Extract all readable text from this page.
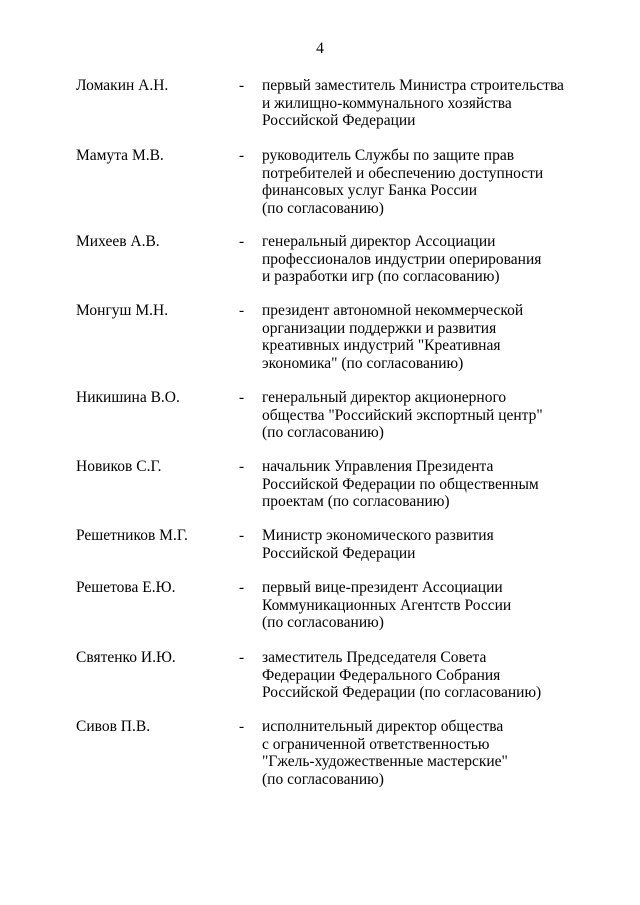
4
Ломакин А.Н.	- первый заместитель Министра строительства
и жилищно-коммунального хозяйства
Российской Федерации
Мамута М.В.	- руководитель Службы по защите прав
потребителей и обеспечению доступности
финансовых услуг Банка России
(по согласованию)
Михеев А.В.	- генеральный директор Ассоциации
профессионалов индустрии оперирования
и разработки игр (по согласованию)
Монгуш М.Н.	- президент автономной некоммерческой
организации поддержки и развития
креативных индустрий "Креативная
экономика" (по согласованию)
Никишина В.О.	- генеральный директор акционерного
общества "Российский экспортный центр"
(по согласованию)
Новиков С.Г.	- начальник Управления Президента
Российской Федерации по общественным
проектам (по согласованию)
Решетников М.Г.	- Министр экономического развития
Российской Федерации
Решетова Е.Ю.	- первый вице-президент Ассоциации
Коммуникационных Агентств России
(по согласованию)
Святенко И.Ю.	- заместитель Председателя Совета
Федерации Федерального Собрания
Российской Федерации (по согласованию)
Сивов П.В.	- исполнительный директор общества
с ограниченной ответственностью
"Гжель-художественные мастерские"
(по согласованию)
